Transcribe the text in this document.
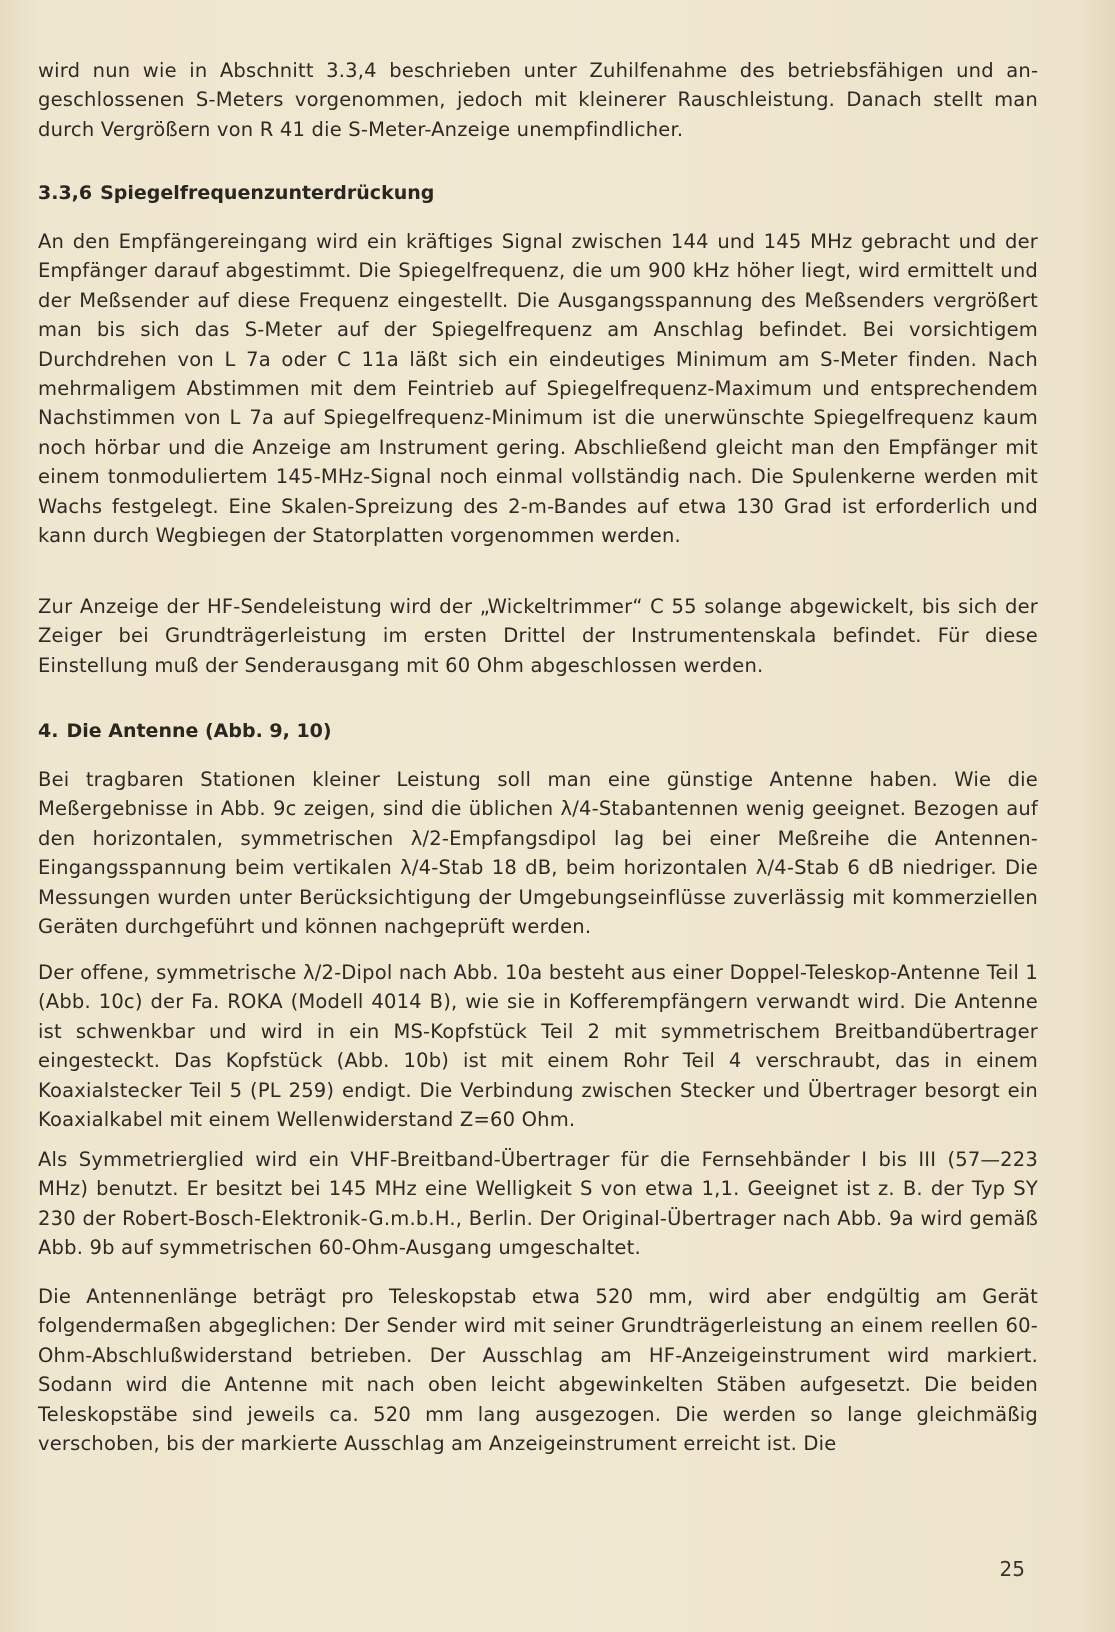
wird nun wie in Abschnitt 3.3,4 beschrieben unter Zuhilfenahme des betriebsfähigen und angeschlossenen S-Meters vorgenommen, jedoch mit kleinerer Rauschleistung. Danach stellt man durch Vergrößern von R 41 die S-Meter-Anzeige unempfindlicher.

3.3,6 Spiegelfrequenzunterdrückung

An den Empfängereingang wird ein kräftiges Signal zwischen 144 und 145 MHz gebracht und der Empfänger darauf abgestimmt. Die Spiegelfrequenz, die um 900 kHz höher liegt, wird ermittelt und der Meßsender auf diese Frequenz eingestellt. Die Ausgangsspannung des Meßsenders vergrößert man bis sich das S-Meter auf der Spiegelfrequenz am Anschlag befindet. Bei vorsichtigem Durchdrehen von L 7a oder C 11a läßt sich ein eindeutiges Minimum am S-Meter finden. Nach mehrmaligem Abstimmen mit dem Feintrieb auf Spiegelfrequenz-Maximum und entsprechendem Nachstimmen von L 7a auf Spiegelfrequenz-Minimum ist die unerwünschte Spiegelfrequenz kaum noch hörbar und die Anzeige am Instrument gering. Abschließend gleicht man den Empfänger mit einem tonmoduliertem 145-MHz-Signal noch einmal vollständig nach. Die Spulenkerne werden mit Wachs festgelegt. Eine Skalen-Spreizung des 2-m-Bandes auf etwa 130 Grad ist erforderlich und kann durch Wegbiegen der Statorplatten vorgenommen werden.

Zur Anzeige der HF-Sendeleistung wird der „Wickeltrimmer“ C 55 solange abgewickelt, bis sich der Zeiger bei Grundträgerleistung im ersten Drittel der Instrumentenskala befindet. Für diese Einstellung muß der Senderausgang mit 60 Ohm abgeschlossen werden.

4. Die Antenne (Abb. 9, 10)

Bei tragbaren Stationen kleiner Leistung soll man eine günstige Antenne haben. Wie die Meßergebnisse in Abb. 9c zeigen, sind die üblichen λ/4-Stabantennen wenig geeignet. Bezogen auf den horizontalen, symmetrischen λ/2-Empfangsdipol lag bei einer Meßreihe die Antennen-Eingangsspannung beim vertikalen λ/4-Stab 18 dB, beim horizontalen λ/4-Stab 6 dB niedriger. Die Messungen wurden unter Berücksichtigung der Umgebungseinflüsse zuverlässig mit kommerziellen Geräten durchgeführt und können nachgeprüft werden.

Der offene, symmetrische λ/2-Dipol nach Abb. 10a besteht aus einer Doppel-Teleskop-Antenne Teil 1 (Abb. 10c) der Fa. ROKA (Modell 4014 B), wie sie in Kofferempfängern verwandt wird. Die Antenne ist schwenkbar und wird in ein MS-Kopfstück Teil 2 mit symmetrischem Breitbandübertrager eingesteckt. Das Kopfstück (Abb. 10b) ist mit einem Rohr Teil 4 verschraubt, das in einem Koaxialstecker Teil 5 (PL 259) endigt. Die Verbindung zwischen Stecker und Übertrager besorgt ein Koaxialkabel mit einem Wellenwiderstand Z=60 Ohm.

Als Symmetrierglied wird ein VHF-Breitband-Übertrager für die Fernsehbänder I bis III (57—223 MHz) benutzt. Er besitzt bei 145 MHz eine Welligkeit S von etwa 1,1. Geeignet ist z. B. der Typ SY 230 der Robert-Bosch-Elektronik-G.m.b.H., Berlin. Der Original-Übertrager nach Abb. 9a wird gemäß Abb. 9b auf symmetrischen 60-Ohm-Ausgang umgeschaltet.

Die Antennenlänge beträgt pro Teleskopstab etwa 520 mm, wird aber endgültig am Gerät folgendermaßen abgeglichen: Der Sender wird mit seiner Grundträgerleistung an einem reellen 60-Ohm-Abschlußwiderstand betrieben. Der Ausschlag am HF-Anzeigeinstrument wird markiert. Sodann wird die Antenne mit nach oben leicht abgewinkelten Stäben aufgesetzt. Die beiden Teleskopstäbe sind jeweils ca. 520 mm lang ausgezogen. Die werden so lange gleichmäßig verschoben, bis der markierte Ausschlag am Anzeigeinstrument erreicht ist. Die

25
